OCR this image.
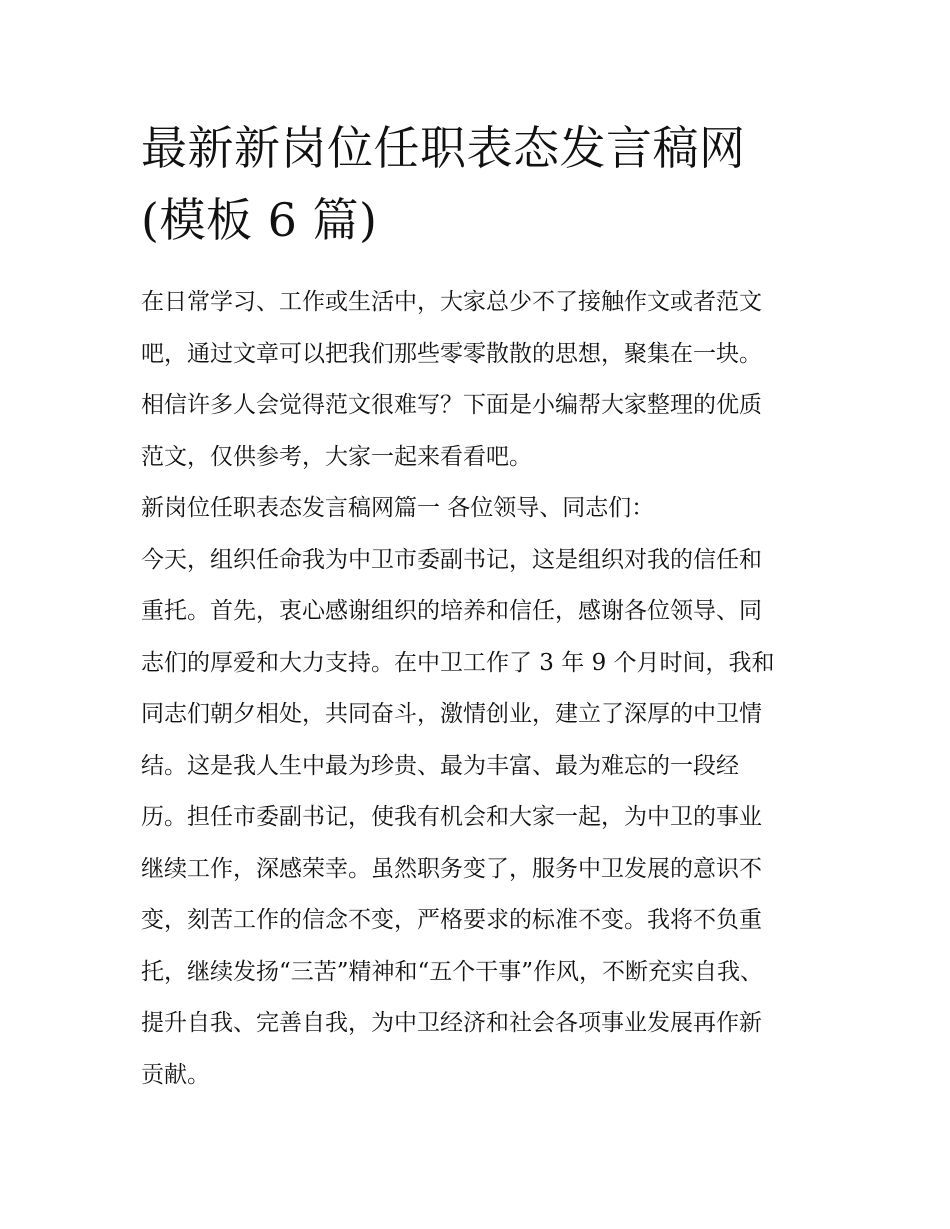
最新新岗位任职表态发言稿网
(模板 6 篇)
在日常学习、工作或生活中，大家总少不了接触作文或者范文
吧，通过文章可以把我们那些零零散散的思想，聚集在一块。
相信许多人会觉得范文很难写？下面是小编帮大家整理的优质
范文，仅供参考，大家一起来看看吧。
新岗位任职表态发言稿网篇一 各位领导、同志们：
今天，组织任命我为中卫市委副书记，这是组织对我的信任和
重托。首先，衷心感谢组织的培养和信任，感谢各位领导、同
志们的厚爱和大力支持。在中卫工作了 3 年 9 个月时间，我和
同志们朝夕相处，共同奋斗，激情创业，建立了深厚的中卫情
结。这是我人生中最为珍贵、最为丰富、最为难忘的一段经
历。担任市委副书记，使我有机会和大家一起，为中卫的事业
继续工作，深感荣幸。虽然职务变了，服务中卫发展的意识不
变，刻苦工作的信念不变，严格要求的标准不变。我将不负重
托，继续发扬“三苦”精神和“五个干事”作风，不断充实自我、
提升自我、完善自我，为中卫经济和社会各项事业发展再作新
贡献。
